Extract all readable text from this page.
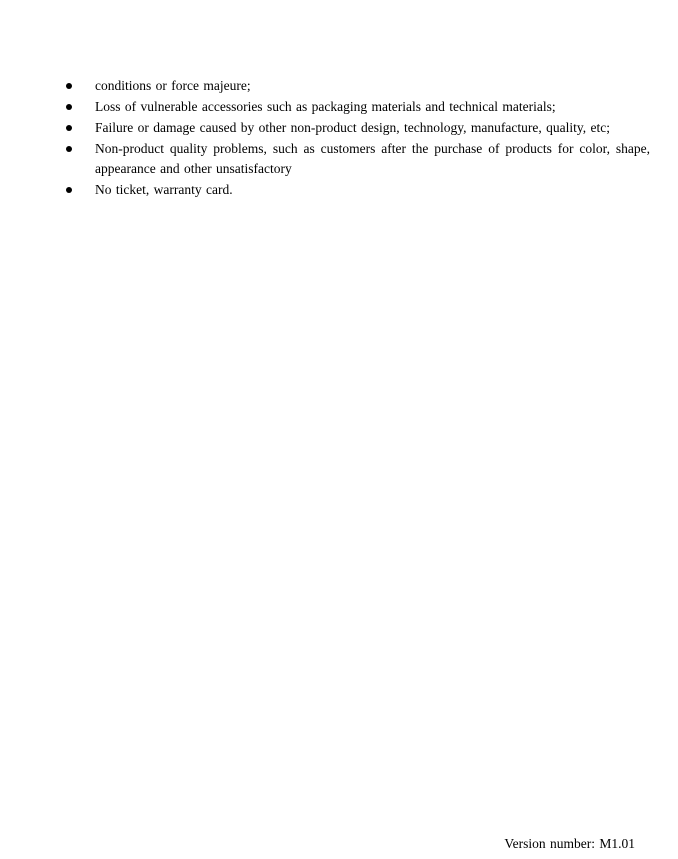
conditions or force majeure;
Loss of vulnerable accessories such as packaging materials and technical materials;
Failure or damage caused by other non-product design, technology, manufacture, quality, etc;
Non-product quality problems, such as customers after the purchase of products for color, shape, appearance and other unsatisfactory
No ticket, warranty card.
Version number: M1.01
